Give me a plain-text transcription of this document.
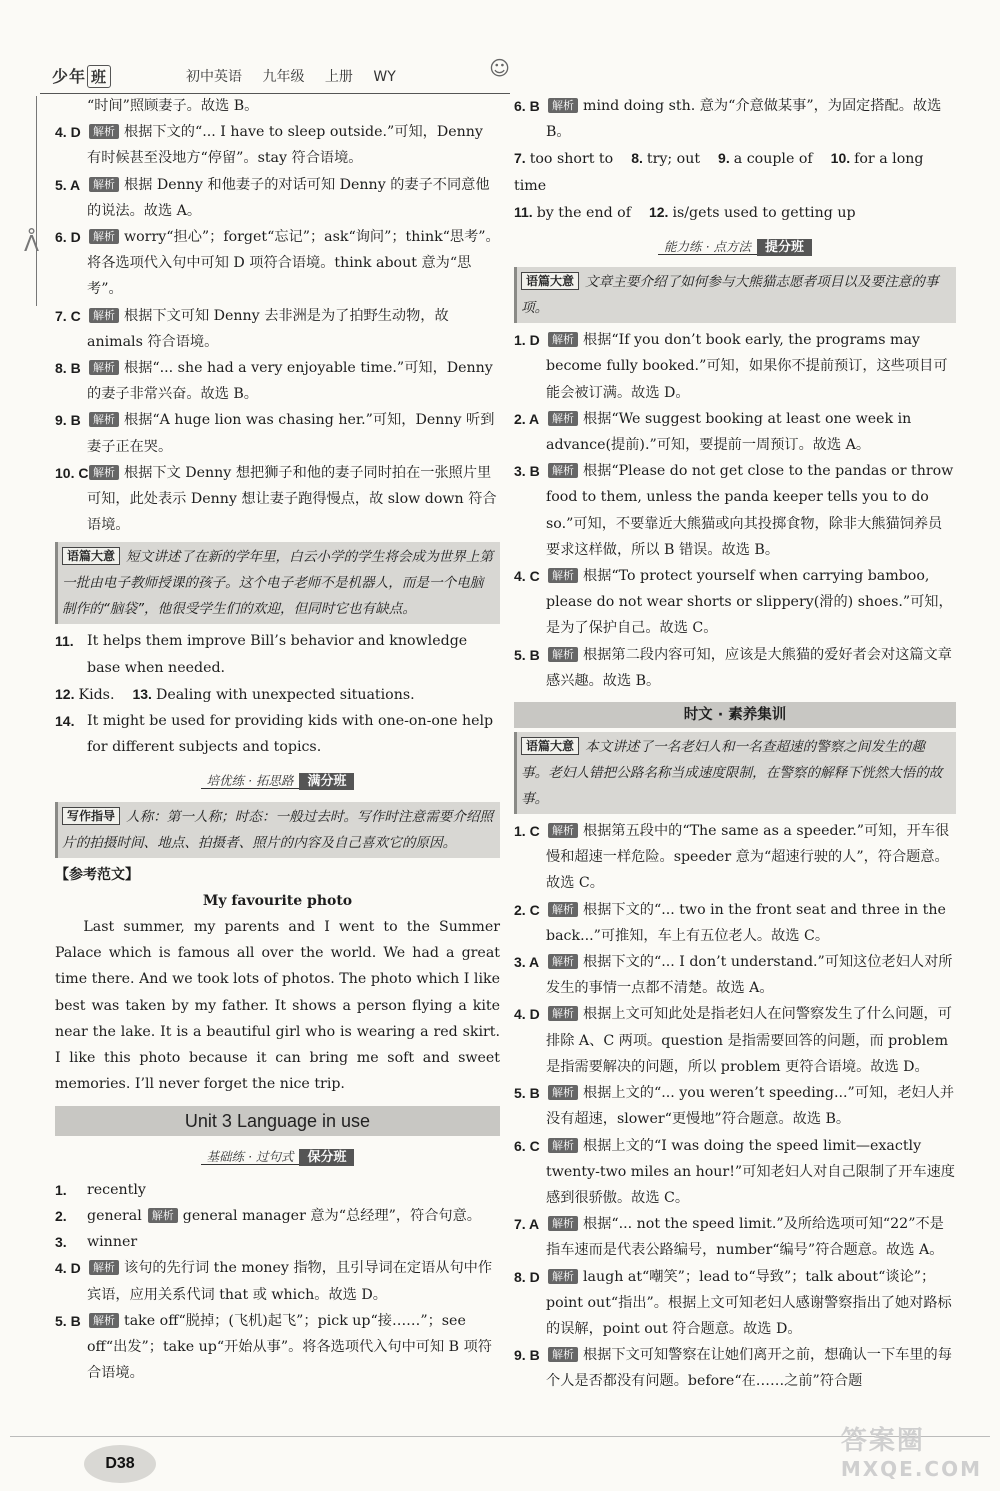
少年 班	初中英语 九年级 上册 WY	☺
ᐰ
“时间”照顾妻子。故选 B。
4. D 解析 根据下文的“... I have to sleep outside.”可知，Denny 有时候甚至没地方“停留”。stay 符合语境。
5. A 解析 根据 Denny 和他妻子的对话可知 Denny 的妻子不同意他的说法。故选 A。
6. D 解析 worry“担心”；forget“忘记”；ask“询问”；think“思考”。将各选项代入句中可知 D 项符合语境。think about 意为“思考”。
7. C 解析 根据下文可知 Denny 去非洲是为了拍野生动物，故 animals 符合语境。
8. B 解析 根据“... she had a very enjoyable time.”可知，Denny 的妻子非常兴奋。故选 B。
9. B 解析 根据“A huge lion was chasing her.”可知，Denny 听到妻子正在哭。
10. C 解析 根据下文 Denny 想把狮子和他的妻子同时拍在一张照片里可知，此处表示 Denny 想让妻子跑得慢点，故 slow down 符合语境。
语篇大意 短文讲述了在新的学年里，白云小学的学生将会成为世界上第一批由电子教师授课的孩子。这个电子老师不是机器人，而是一个电脑制作的“脑袋”，他很受学生们的欢迎，但同时它也有缺点。
11. It helps them improve Bill’s behavior and knowledge base when needed.
12. Kids. 13. Dealing with unexpected situations.
14. It might be used for providing kids with one-on-one help for different subjects and topics.
培优练 · 拓思路 满分班
写作指导 人称：第一人称；时态：一般过去时。写作时注意需要介绍照片的拍摄时间、地点、拍摄者、照片的内容及自己喜欢它的原因。
【参考范文】
My favourite photo
Last summer, my parents and I went to the Summer Palace which is famous all over the world. We had a great time there. And we took lots of photos. The photo which I like best was taken by my father. It shows a person flying a kite near the lake. It is a beautiful girl who is wearing a red skirt. I like this photo because it can bring me soft and sweet memories. I’ll never forget the nice trip.
Unit 3 Language in use
基础练 · 过句式 保分班
1. recently
2. general 解析 general manager 意为“总经理”，符合句意。
3. winner
4. D 解析 该句的先行词 the money 指物，且引导词在定语从句中作宾语，应用关系代词 that 或 which。故选 D。
5. B 解析 take off“脱掉；(飞机)起飞”；pick up“接……”；see off“出发”；take up“开始从事”。将各选项代入句中可知 B 项符合语境。
6. B 解析 mind doing sth. 意为“介意做某事”，为固定搭配。故选 B。
7. too short to 8. try; out 9. a couple of 10. for a long time
11. by the end of 12. is/gets used to getting up
能力练 · 点方法 提分班
语篇大意 文章主要介绍了如何参与大熊猫志愿者项目以及要注意的事项。
1. D 解析 根据“If you don’t book early, the programs may become fully booked.”可知，如果你不提前预订，这些项目可能会被订满。故选 D。
2. A 解析 根据“We suggest booking at least one week in advance(提前).”可知，要提前一周预订。故选 A。
3. B 解析 根据“Please do not get close to the pandas or throw food to them, unless the panda keeper tells you to do so.”可知，不要靠近大熊猫或向其投掷食物，除非大熊猫饲养员要求这样做，所以 B 错误。故选 B。
4. C 解析 根据“To protect yourself when carrying bamboo, please do not wear shorts or slippery(滑的) shoes.”可知，是为了保护自己。故选 C。
5. B 解析 根据第二段内容可知，应该是大熊猫的爱好者会对这篇文章感兴趣。故选 B。
时文 · 素养集训
语篇大意 本文讲述了一名老妇人和一名查超速的警察之间发生的趣事。老妇人错把公路名称当成速度限制，在警察的解释下恍然大悟的故事。
1. C 解析 根据第五段中的“The same as a speeder.”可知，开车很慢和超速一样危险。speeder 意为“超速行驶的人”，符合题意。故选 C。
2. C 解析 根据下文的“... two in the front seat and three in the back...”可推知，车上有五位老人。故选 C。
3. A 解析 根据下文的“... I don’t understand.”可知这位老妇人对所发生的事情一点都不清楚。故选 A。
4. D 解析 根据上文可知此处是指老妇人在问警察发生了什么问题，可排除 A、C 两项。question 是指需要回答的问题，而 problem 是指需要解决的问题，所以 problem 更符合语境。故选 D。
5. B 解析 根据上文的“... you weren’t speeding...”可知，老妇人并没有超速，slower“更慢地”符合题意。故选 B。
6. C 解析 根据上文的“I was doing the speed limit—exactly twenty-two miles an hour!”可知老妇人对自己限制了开车速度感到很骄傲。故选 C。
7. A 解析 根据“... not the speed limit.”及所给选项可知“22”不是指车速而是代表公路编号，number“编号”符合题意。故选 A。
8. D 解析 laugh at“嘲笑”；lead to“导致”；talk about“谈论”；point out“指出”。根据上文可知老妇人感谢警察指出了她对路标的误解，point out 符合题意。故选 D。
9. B 解析 根据下文可知警察在让她们离开之前，想确认一下车里的每个人是否都没有问题。before“在……之前”符合题
D38
答案圈
MXQE.COM
